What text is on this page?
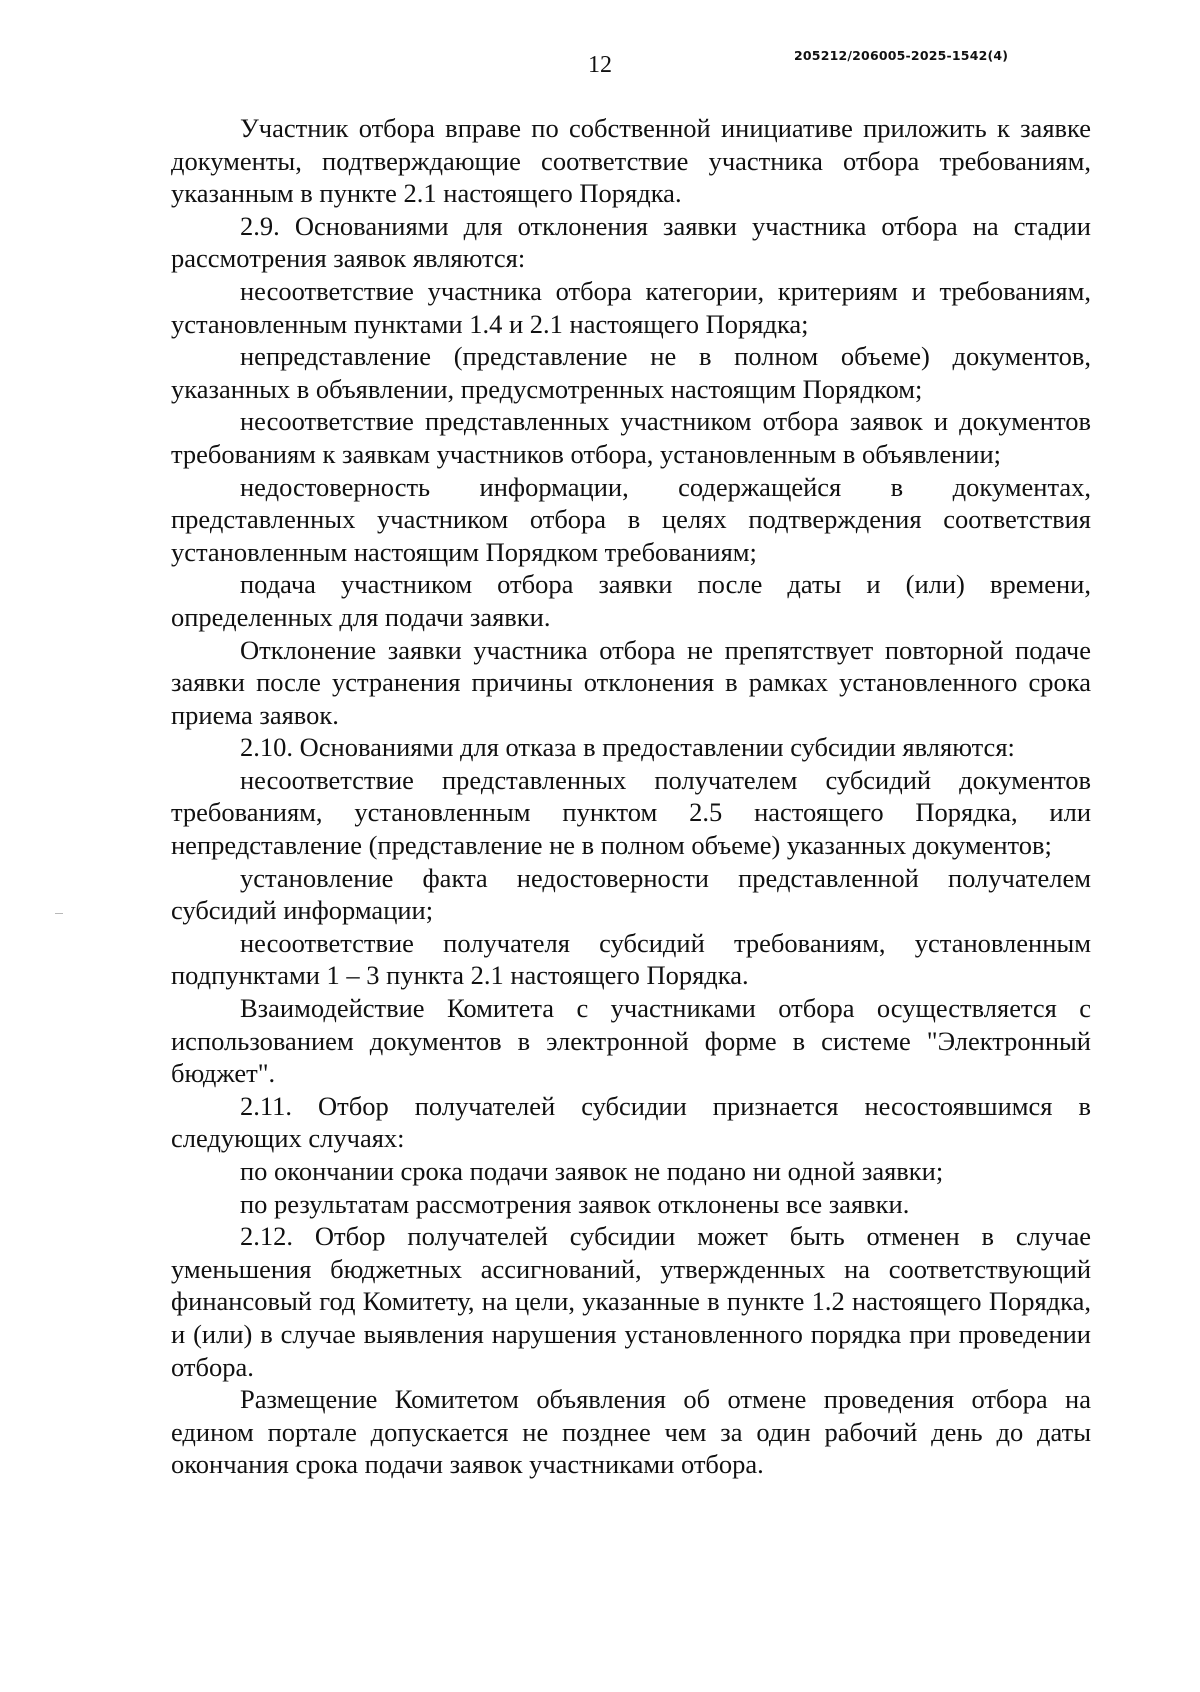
12	205212/206005-2025-1542(4)

Участник отбора вправе по собственной инициативе приложить к заявке документы, подтверждающие соответствие участника отбора требованиям, указанным в пункте 2.1 настоящего Порядка.

2.9. Основаниями для отклонения заявки участника отбора на стадии рассмотрения заявок являются:

несоответствие участника отбора категории, критериям и требованиям, установленным пунктами 1.4 и 2.1 настоящего Порядка;

непредставление (представление не в полном объеме) документов, указанных в объявлении, предусмотренных настоящим Порядком;

несоответствие представленных участником отбора заявок и документов требованиям к заявкам участников отбора, установленным в объявлении;

недостоверность информации, содержащейся в документах, представленных участником отбора в целях подтверждения соответствия установленным настоящим Порядком требованиям;

подача участником отбора заявки после даты и (или) времени, определенных для подачи заявки.

Отклонение заявки участника отбора не препятствует повторной подаче заявки после устранения причины отклонения в рамках установленного срока приема заявок.

2.10. Основаниями для отказа в предоставлении субсидии являются:

несоответствие представленных получателем субсидий документов требованиям, установленным пунктом 2.5 настоящего Порядка, или непредставление (представление не в полном объеме) указанных документов;

установление факта недостоверности представленной получателем субсидий информации;

несоответствие получателя субсидий требованиям, установленным подпунктами 1 – 3 пункта 2.1 настоящего Порядка.

Взаимодействие Комитета с участниками отбора осуществляется с использованием документов в электронной форме в системе "Электронный бюджет".

2.11. Отбор получателей субсидии признается несостоявшимся в следующих случаях:

по окончании срока подачи заявок не подано ни одной заявки;

по результатам рассмотрения заявок отклонены все заявки.

2.12. Отбор получателей субсидии может быть отменен в случае уменьшения бюджетных ассигнований, утвержденных на соответствующий финансовый год Комитету, на цели, указанные в пункте 1.2 настоящего Порядка, и (или) в случае выявления нарушения установленного порядка при проведении отбора.

Размещение Комитетом объявления об отмене проведения отбора на едином портале допускается не позднее чем за один рабочий день до даты окончания срока подачи заявок участниками отбора.
